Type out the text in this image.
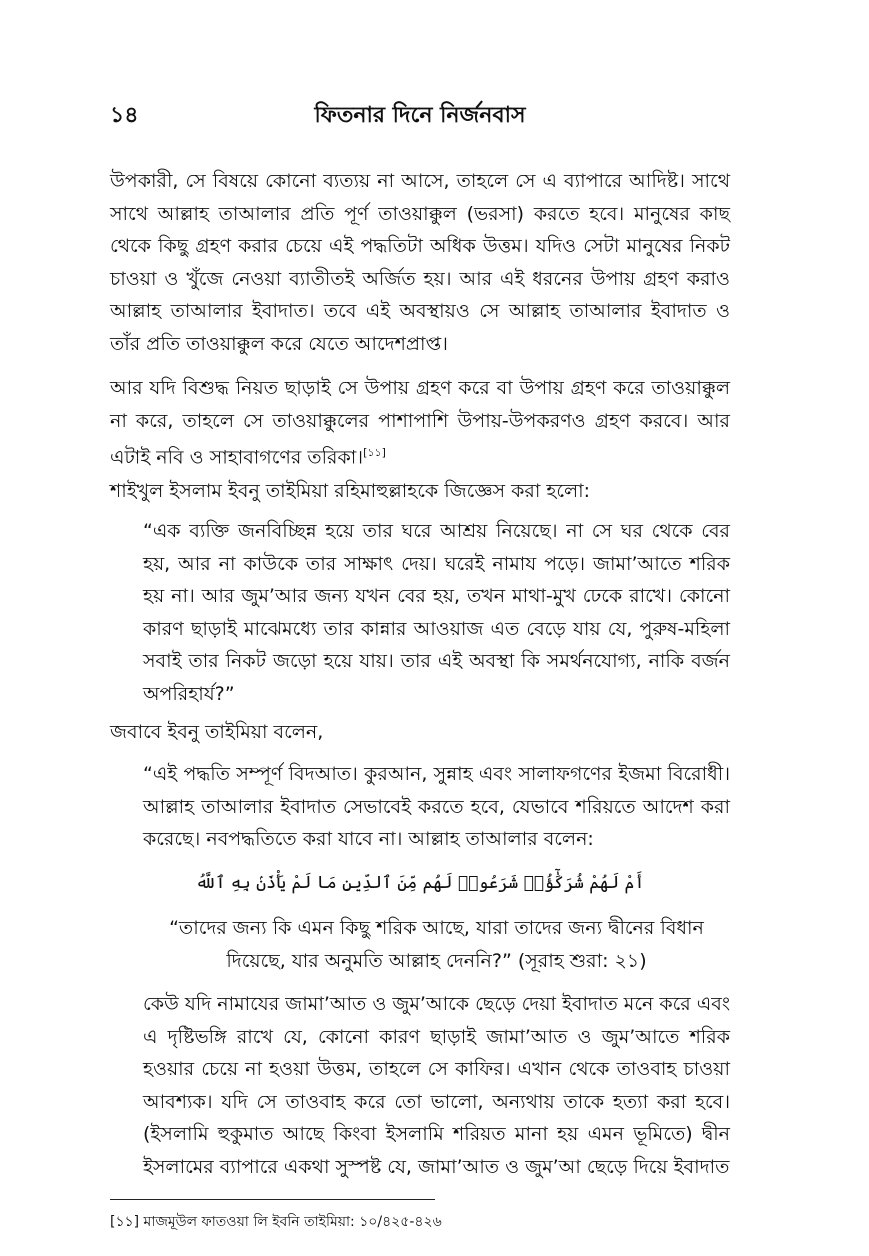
১৪	ফিতনার দিনে নির্জনবাস
উপকারী, সে বিষয়ে কোনো ব্যত্যয় না আসে, তাহলে সে এ ব্যাপারে আদিষ্ট। সাথে সাথে আল্লাহ তাআলার প্রতি পূর্ণ তাওয়াক্কুল (ভরসা) করতে হবে। মানুষের কাছ থেকে কিছু গ্রহণ করার চেয়ে এই পদ্ধতিটা অধিক উত্তম। যদিও সেটা মানুষের নিকট চাওয়া ও খুঁজে নেওয়া ব্যাতীতই অর্জিত হয়। আর এই ধরনের উপায় গ্রহণ করাও আল্লাহ তাআলার ইবাদাত। তবে এই অবস্থায়ও সে আল্লাহ তাআলার ইবাদাত ও তাঁর প্রতি তাওয়াক্কুল করে যেতে আদেশপ্রাপ্ত।
আর যদি বিশুদ্ধ নিয়ত ছাড়াই সে উপায় গ্রহণ করে বা উপায় গ্রহণ করে তাওয়াক্কুল না করে, তাহলে সে তাওয়াক্কুলের পাশাপাশি উপায়-উপকরণও গ্রহণ করবে। আর এটাই নবি ও সাহাবাগণের তরিকা।[১১]
শাইখুল ইসলাম ইবনু তাইমিয়া রহিমাহুল্লাহকে জিজ্ঞেস করা হলো:
“এক ব্যক্তি জনবিচ্ছিন্ন হয়ে তার ঘরে আশ্রয় নিয়েছে। না সে ঘর থেকে বের হয়, আর না কাউকে তার সাক্ষাৎ দেয়। ঘরেই নামায পড়ে। জামা’আতে শরিক হয় না। আর জুম’আর জন্য যখন বের হয়, তখন মাথা-মুখ ঢেকে রাখে। কোনো কারণ ছাড়াই মাঝেমধ্যে তার কান্নার আওয়াজ এত বেড়ে যায় যে, পুরুষ-মহিলা সবাই তার নিকট জড়ো হয়ে যায়। তার এই অবস্থা কি সমর্থনযোগ্য, নাকি বর্জন অপরিহার্য?”
জবাবে ইবনু তাইমিয়া বলেন,
“এই পদ্ধতি সম্পূর্ণ বিদআত। কুরআন, সুন্নাহ এবং সালাফগণের ইজমা বিরোধী। আল্লাহ তাআলার ইবাদাত সেভাবেই করতে হবে, যেভাবে শরিয়তে আদেশ করা করেছে। নবপদ্ধতিতে করা যাবে না। আল্লাহ তাআলার বলেন:
أَمْ لَهُمْ شُرَكَٰٓؤُا۟ شَرَعُوا۟ لَهُم مِّنَ ٱلدِّينِ مَا لَمْ يَأْذَنۢ بِهِ ٱللَّهُ
“তাদের জন্য কি এমন কিছু শরিক আছে, যারা তাদের জন্য দ্বীনের বিধান
দিয়েছে, যার অনুমতি আল্লাহ দেননি?” (সূরাহ শুরা: ২১)
কেউ যদি নামাযের জামা’আত ও জুম’আকে ছেড়ে দেয়া ইবাদাত মনে করে এবং এ দৃষ্টিভঙ্গি রাখে যে, কোনো কারণ ছাড়াই জামা’আত ও জুম’আতে শরিক হওয়ার চেয়ে না হওয়া উত্তম, তাহলে সে কাফির। এখান থেকে তাওবাহ চাওয়া আবশ্যক। যদি সে তাওবাহ করে তো ভালো, অন্যথায় তাকে হত্যা করা হবে। (ইসলামি হুকুমাত আছে কিংবা ইসলামি শরিয়ত মানা হয় এমন ভূমিতে) দ্বীন ইসলামের ব্যাপারে একথা সুস্পষ্ট যে, জামা’আত ও জুম’আ ছেড়ে দিয়ে ইবাদাত
[১১] মাজমূউল ফাতওয়া লি ইবনি তাইমিয়া: ১০/৪২৫-৪২৬
